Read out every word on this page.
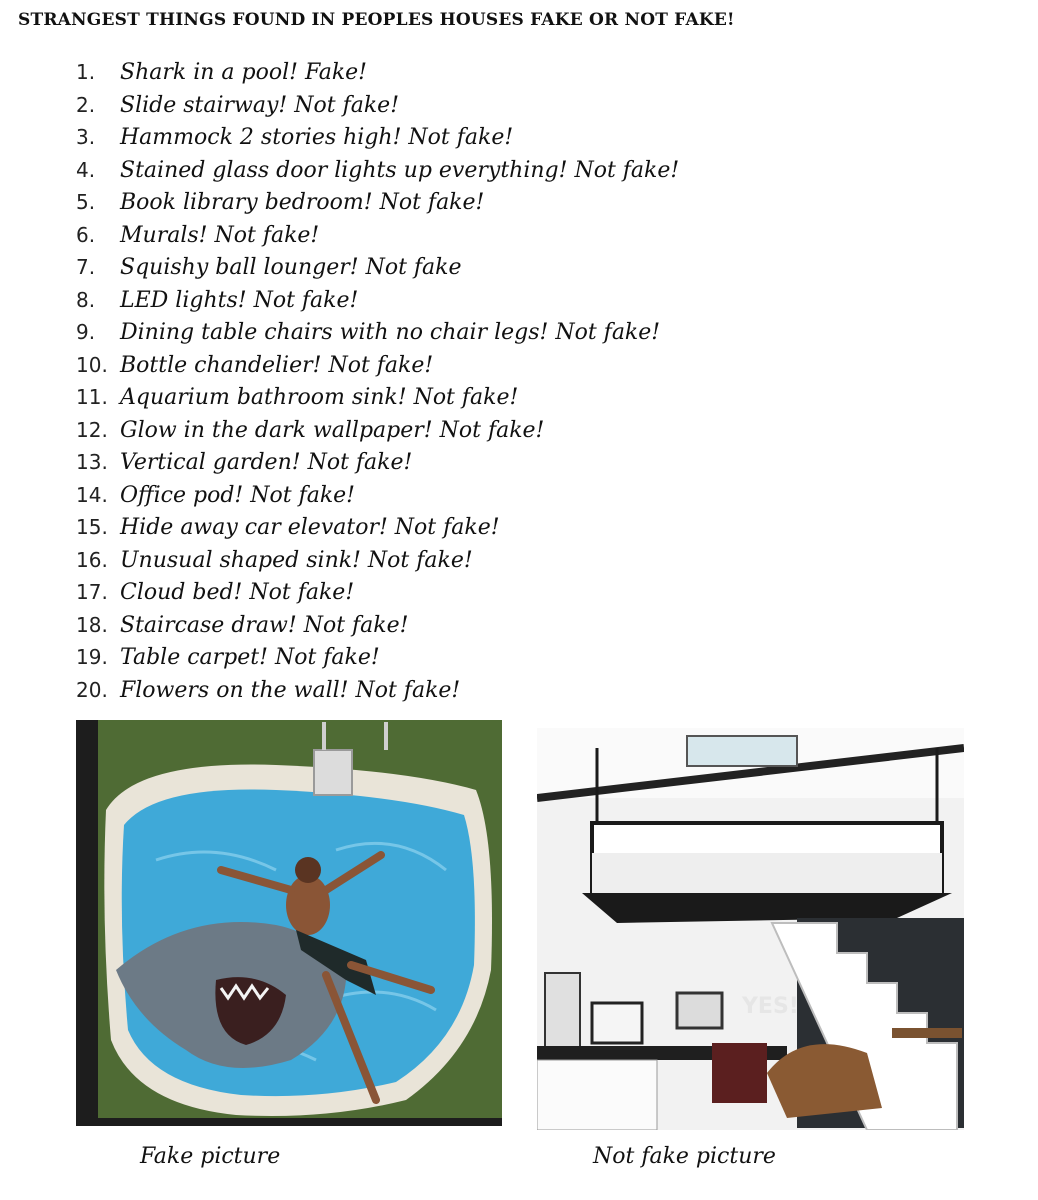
STRANGEST THINGS FOUND IN PEOPLES HOUSES FAKE OR NOT FAKE!
1. Shark in a pool! Fake!
2. Slide stairway! Not fake!
3. Hammock 2 stories high! Not fake!
4. Stained glass door lights up everything! Not fake!
5. Book library bedroom! Not fake!
6. Murals! Not fake!
7. Squishy ball lounger! Not fake
8. LED lights! Not fake!
9. Dining table chairs with no chair legs! Not fake!
10. Bottle chandelier! Not fake!
11. Aquarium bathroom sink! Not fake!
12. Glow in the dark wallpaper! Not fake!
13. Vertical garden! Not fake!
14. Office pod! Not fake!
15. Hide away car elevator! Not fake!
16. Unusual shaped sink! Not fake!
17. Cloud bed! Not fake!
18. Staircase draw! Not fake!
19. Table carpet! Not fake!
20. Flowers on the wall! Not fake!
YES!
Fake picture	Not fake picture
